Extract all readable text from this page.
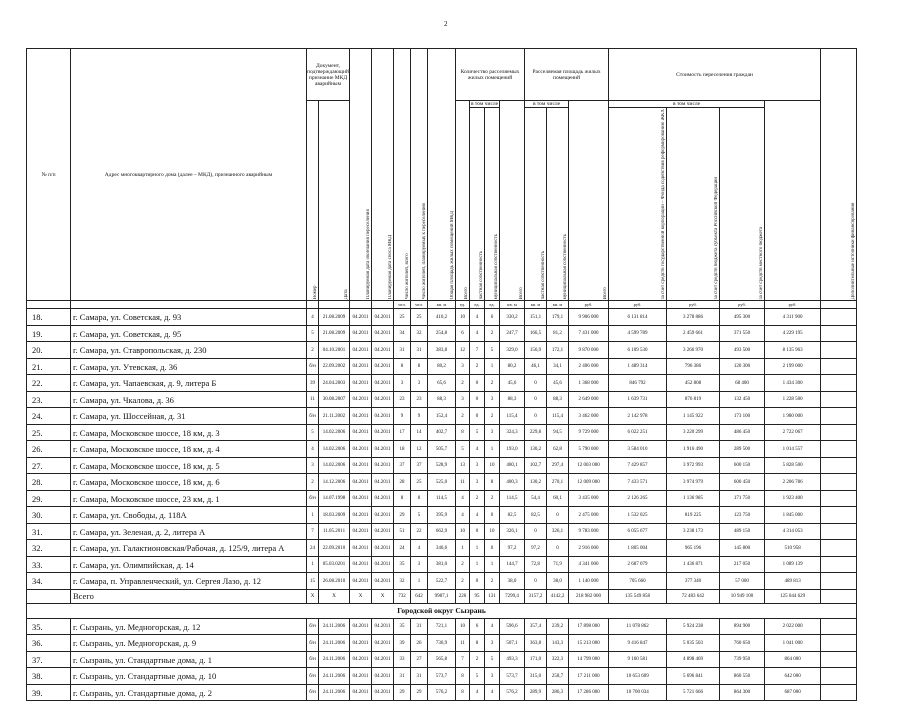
2
№ п/п	Адрес многоквартирного дома (далее – МКД), признанного аварийным	Документ, подтверждающий признание МКД аварийным		Планируемая дата окончания переселения	Планируемая дата сноса МКД	Число жителей, всего	Число жителей, планируемых к переселению	Общая площадь жилых помещений МКД	Количество расселяемых жилых помещений				Расселяемая площадь жилых помещений			Стоимость переселения граждан				Дополнительные источники финансирования
		Номер	Дата						Всего	в том числе		Всего	в том числе		Всего	в том числе				
										частная собственность	муниципальная собственность		частная собственность	муниципальная собственность		за счет средств государственной корпорации – Фонда содействия реформированию ЖКХ	за счет средств бюджета субъекта Российской Федерации	за счет средств местного бюджета		
						чел.	чел.	кв. м	ед.	ед.	ед.	кв. м	кв. м	кв. м	руб.	руб.	руб.	руб.	руб.	
18.	г. Самара, ул. Советская, д. 93	4	21.08.2009	04.2011	04.2011	25	25	410,2	10	4	6	330,2	151,1	179,1	9 906 000	6 131 814	3 278 886	495 300	4 311 900	
19.	г. Самара, ул. Советская, д. 95	5	21.08.2009	04.2011	04.2011	34	32	254,8	6	4	2	247,7	166,5	81,2	7 431 000	4 599 789	2 459 661	371 550	4 229 195	
20.	г. Самара, ул. Ставропольская, д. 230	2	04.10.2001	04.2011	04.2011	31	31	383,8	12	7	5	329,0	156,9	172,1	9 870 000	6 109 530	3 266 970	493 500	8 135 963	
21.	г. Самара, ул. Утевская, д. 36	б/н	22.09.2002	04.2011	04.2011	8	8	80,2	3	2	1	80,2	46,1	34,1	2 406 000	1 489 314	796 386	120 300	2 199 000	
22.	г. Самара, ул. Чапаевская, д. 9, литера Б	39	24.04.2003	04.2011	04.2011	3	3	65,6	2	0	2	45,6	0	45,6	1 368 000	846 792	452 808	68 400	1 434 300	
23.	г. Самара, ул. Чкалова, д. 36	11	30.08.2007	04.2011	04.2011	23	23	88,3	3	0	3	88,3	0	88,3	2 649 000	1 639 731	876 819	132 450	1 228 500	
24.	г. Самара, ул. Шоссейная, д. 31	б/н	21.11.2002	04.2011	04.2011	9	9	152,4	2	0	2	115,4	0	115,4	3 462 000	2 142 978	1 145 922	173 100	1 980 000	
25.	г. Самара, Московское шоссе, 18 км, д. 3	5	14.02.2006	04.2011	04.2011	17	14	402,7	8	5	3	324,3	229,8	94,5	9 729 000	6 022 251	3 220 299	486 450	2 722 067	
26.	г. Самара, Московское шоссе, 18 км, д. 4	4	14.02.2006	04.2011	04.2011	18	12	505,7	5	4	1	193,0	130,2	62,8	5 790 000	3 584 010	1 916 490	289 500	1 014 557	
27.	г. Самара, Московское шоссе, 18 км, д. 5	3	14.02.2006	04.2011	04.2011	37	37	528,9	13	3	10	400,1	102,7	297,4	12 003 000	7 429 857	3 972 993	600 150	5 828 500	
28.	г. Самара, Московское шоссе, 18 км, д. 6	2	14.12.2006	04.2011	04.2011	28	25	525,0	11	3	8	400,3	130,2	270,1	12 009 000	7 433 571	3 974 979	600 450	2 206 786	
29.	г. Самара, Московское шоссе, 23 км, д. 1	б/н	14.07.1998	04.2011	04.2011	8	8	114,5	4	2	2	114,5	54,4	60,1	3 435 000	2 126 265	1 136 985	171 750	1 923 400	
30.	г. Самара, ул. Свободы, д. 118А	1	18.03.2009	04.2011	04.2011	29	5	395,9	4	4	0	82,5	82,5	0	2 475 000	1 532 025	819 225	123 750	1 845 000	
31.	г. Самара, ул. Зеленая, д. 2, литера А	7	11.05.2011	04.2011	04.2011	51	22	662,9	10	0	10	326,1	0	326,1	9 783 000	6 055 677	3 238 173	489 150	4 314 053	
32.	г. Самара, ул. Галактионовская/Рабочая, д. 125/9, литера А	24	22.09.2010	04.2011	04.2011	24	4	346,6	1	1	0	97,2	97,2	0	2 916 000	1 805 004	965 196	145 800	510 958	
33.	г. Самара, ул. Олимпийская, д. 14	1	05.03.0201	04.2011	04.2011	35	3	381,0	2	1	1	144,7	72,8	71,9	4 341 000	2 687 079	1 436 871	217 050	1 089 139	
34.	г. Самара, п. Управленческий, ул. Сергея Лазо, д. 12	15	26.08.2010	04.2011	04.2011	32	1	522,7	2	0	2	38,0	0	38,0	1 140 000	705 660	377 340	57 000	489 813	
	Всего	X	X	X	X	732	642	9987,1	226	95	131	7299,4	3157,2	4142,2	218 982 000	135 549 858	72 483 642	10 949 100	125 044 629	
Городской округ Сызрань																				
35.	г. Сызрань, ул. Медногорская, д. 12	б/н	24.11.2006	04.2011	04.2011	35	31	721,1	10	6	4	596,6	357,4	239,2	17 898 000	11 078 862	5 924 238	894 900	2 022 000	
36.	г. Сызрань, ул. Медногорская, д. 9	б/н	24.11.2006	04.2011	04.2011	39	26	736,9	11	8	3	507,1	363,8	143,3	15 213 000	9 416 847	5 035 503	760 650	1 041 000	
37.	г. Сызрань, ул. Стандартные дома, д. 1	б/н	24.11.2006	04.2011	04.2011	33	27	565,8	7	2	5	493,3	171,0	322,3	14 799 000	9 160 581	4 898 469	739 950	864 000	
38.	г. Сызрань, ул. Стандартные дома, д. 10	б/н	24.11.2006	04.2011	04.2011	31	31	573,7	8	5	3	573,7	315,0	258,7	17 211 000	10 653 609	5 696 841	860 550	642 000	
39.	г. Сызрань, ул. Стандартные дома, д. 2	б/н	24.11.2006	04.2011	04.2011	29	29	576,2	8	4	4	576,2	289,9	286,3	17 286 000	10 700 034	5 721 666	864 300	687 000	
